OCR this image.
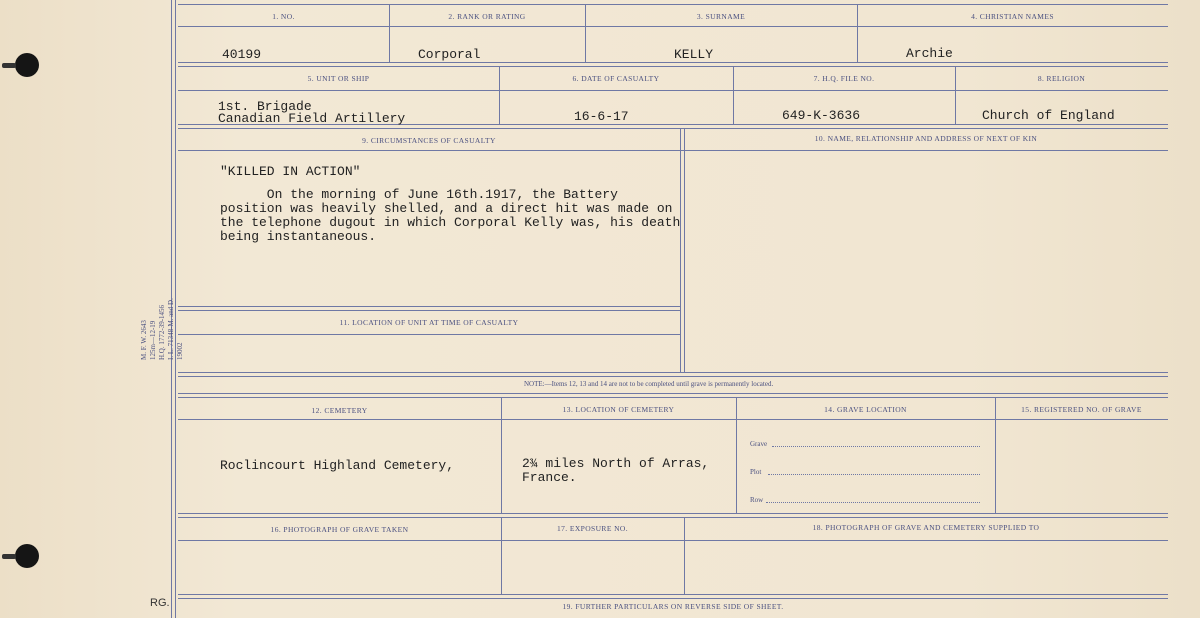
M. F. W. 2643 125m—12-19 H.Q. 1772-39-1456 I. L. 71348-M. and D. 19002
1. NO.	2. RANK OR RATING	3. SURNAME	4. CHRISTIAN NAMES
40199	Corporal	KELLY	Archie
5. UNIT OR SHIP	6. DATE OF CASUALTY	7. H.Q. FILE NO.	8. RELIGION
1st. Brigade
Canadian Field Artillery	16-6-17	649-K-3636	Church of England
9. CIRCUMSTANCES OF CASUALTY	10. NAME, RELATIONSHIP AND ADDRESS OF NEXT OF KIN
"KILLED IN ACTION"
On the morning of June 16th.1917, the Battery
position was heavily shelled, and a direct hit was made on
the telephone dugout in which Corporal Kelly was, his death
being instantaneous.
11. LOCATION OF UNIT AT TIME OF CASUALTY
NOTE:—Items 12, 13 and 14 are not to be completed until grave is permanently located.
12. CEMETERY	13. LOCATION OF CEMETERY	14. GRAVE LOCATION	15. REGISTERED NO. OF GRAVE
Roclincourt Highland Cemetery,	2¾ miles North of Arras,
France.
Grave
Plot
Row
16. PHOTOGRAPH OF GRAVE TAKEN	17. EXPOSURE NO.	18. PHOTOGRAPH OF GRAVE AND CEMETERY SUPPLIED TO
19. FURTHER PARTICULARS ON REVERSE SIDE OF SHEET.
RG.
